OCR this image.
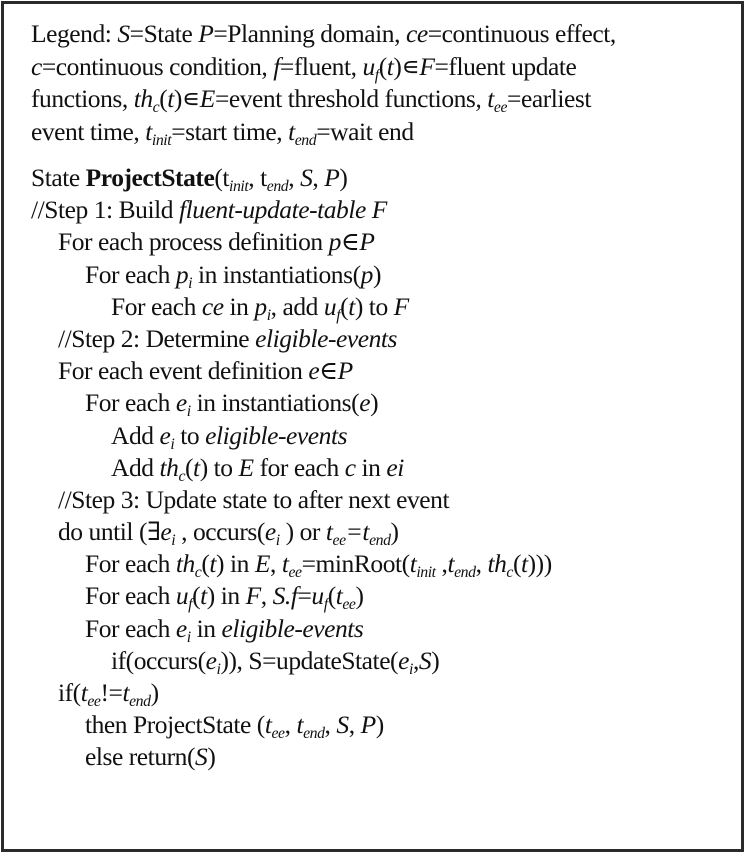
Legend: S=State P=Planning domain, ce=continuous effect,
c=continuous condition, f=fluent, uf(t)∊F=fluent update
functions, thc(t)∊E=event threshold functions, tee=earliest
event time, tinit=start time, tend=wait end
State ProjectState(tinit, tend, S, P)
//Step 1: Build fluent-update-table F
For each process definition p∈P
For each pi in instantiations(p)
For each ce in pi, add uf(t) to F
//Step 2: Determine eligible-events
For each event definition e∈P
For each ei in instantiations(e)
Add ei to eligible-events
Add thc(t) to E for each c in ei
//Step 3: Update state to after next event
do until (∃ei , occurs(ei ) or tee=tend)
For each thc(t) in E, tee=minRoot(tinit ,tend, thc(t)))
For each uf(t) in F, S.f=uf(tee)
For each ei in eligible-events
if(occurs(ei)), S=updateState(ei,S)
if(tee!=tend)
then ProjectState (tee, tend, S, P)
else return(S)
